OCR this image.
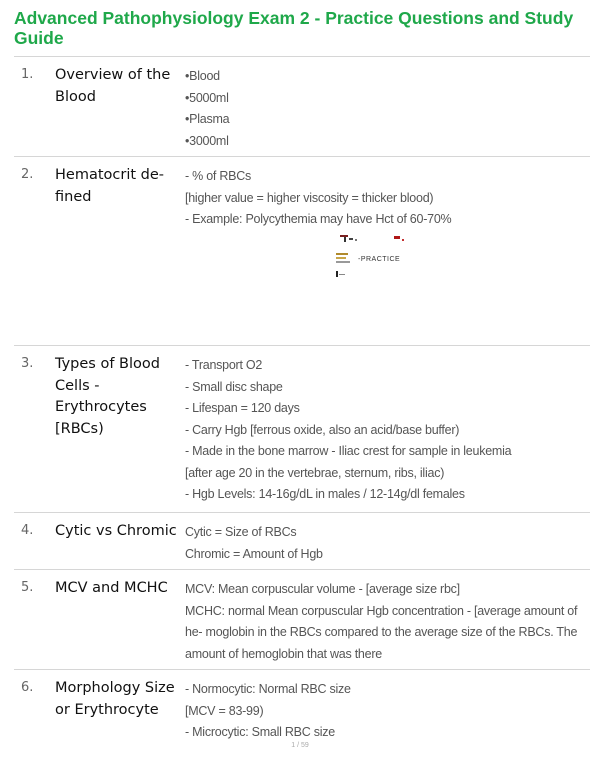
Advanced Pathophysiology Exam 2 - Practice Questions and Study Guide
1. Overview of the Blood
•Blood
•5000ml
•Plasma
•3000ml
2. Hematocrit de- fined
- % of RBCs
[higher value = higher viscosity = thicker blood)
- Example: Polycythemia may have Hct of 60-70%
-PRACTICE
3. Types of Blood Cells - Erythrocytes [RBCs)
- Transport O2
- Small disc shape
- Lifespan = 120 days
- Carry Hgb [ferrous oxide, also an acid/base buffer)
- Made in the bone marrow - Iliac crest for sample in leukemia
[after age 20 in the vertebrae, sternum, ribs, iliac)
- Hgb Levels: 14-16g/dL in males / 12-14g/dl females
4. Cytic vs Chromic Cytic = Size of RBCs
Chromic = Amount of Hgb
5. MCV and MCHC	MCV: Mean corpuscular volume - [average size rbc]
MCHC: normal Mean corpuscular Hgb concentration - [average amount of he- moglobin in the RBCs compared to the average size of the RBCs. The amount of hemoglobin that was there
6. Morphology Size or Erythrocyte
- Normocytic: Normal RBC size
[MCV = 83-99)
- Microcytic: Small RBC size
1 / 59
